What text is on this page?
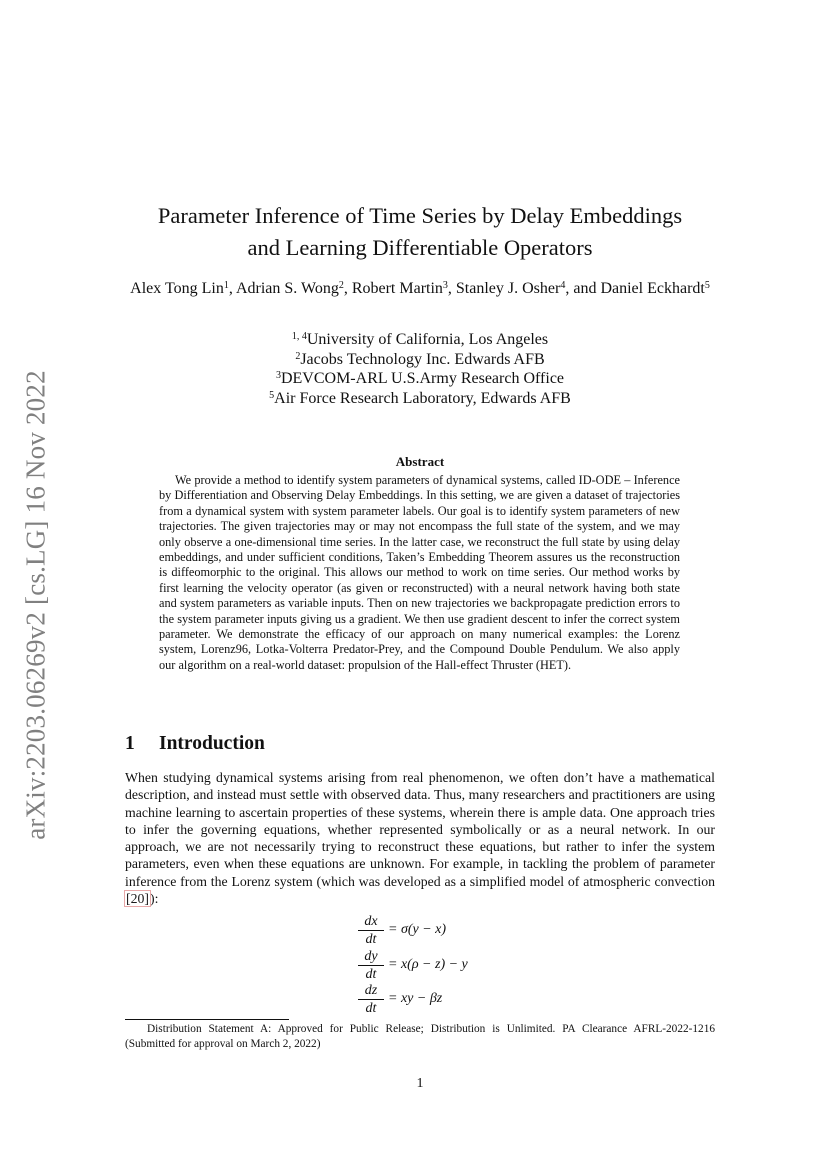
arXiv:2203.06269v2 [cs.LG] 16 Nov 2022
Parameter Inference of Time Series by Delay Embeddings
and Learning Differentiable Operators
Alex Tong Lin$^1$, Adrian S. Wong$^2$, Robert Martin$^3$, Stanley J. Osher$^4$, and Daniel Eckhardt$^5$
$^{1, 4}$University of California, Los Angeles
$^2$Jacobs Technology Inc. Edwards AFB
$^3$DEVCOM-ARL U.S.Army Research Office
$^5$Air Force Research Laboratory, Edwards AFB
Abstract

We provide a method to identify system parameters of dynamical systems, called ID-ODE – Inference by Differentiation and Observing Delay Embeddings. In this setting, we are given a dataset of trajectories from a dynamical system with system parameter labels. Our goal is to identify system parameters of new trajectories. The given trajectories may or may not encompass the full state of the system, and we may only observe a one-dimensional time series. In the latter case, we reconstruct the full state by using delay embeddings, and under sufficient conditions, Taken’s Embedding Theorem assures us the reconstruction is diffeomorphic to the original. This allows our method to work on time series. Our method works by first learning the velocity operator (as given or reconstructed) with a neural network having both state and system parameters as variable inputs. Then on new trajectories we backpropagate prediction errors to the system parameter inputs giving us a gradient. We then use gradient descent to infer the correct system parameter. We demonstrate the efficacy of our approach on many numerical examples: the Lorenz system, Lorenz96, Lotka-Volterra Predator-Prey, and the Compound Double Pendulum. We also apply our algorithm on a real-world dataset: propulsion of the Hall-effect Thruster (HET).

1 Introduction

When studying dynamical systems arising from real phenomenon, we often don’t have a mathematical description, and instead must settle with observed data. Thus, many researchers and practitioners are using machine learning to ascertain properties of these systems, wherein there is ample data. One approach tries to infer the governing equations, whether represented symbolically or as a neural network. In our approach, we are not necessarily trying to reconstruct these equations, but rather to infer the system parameters, even when these equations are unknown. For example, in tackling the problem of parameter inference from the Lorenz system (which was developed as a simplified model of atmospheric convection [20]):

dx
dt
= σ(y − x)
dy
dt
= x(ρ − z) − y
dz
dt
= xy − βz

Distribution Statement A: Approved for Public Release; Distribution is Unlimited. PA Clearance AFRL-2022-1216 (Submitted for approval on March 2, 2022)

1
